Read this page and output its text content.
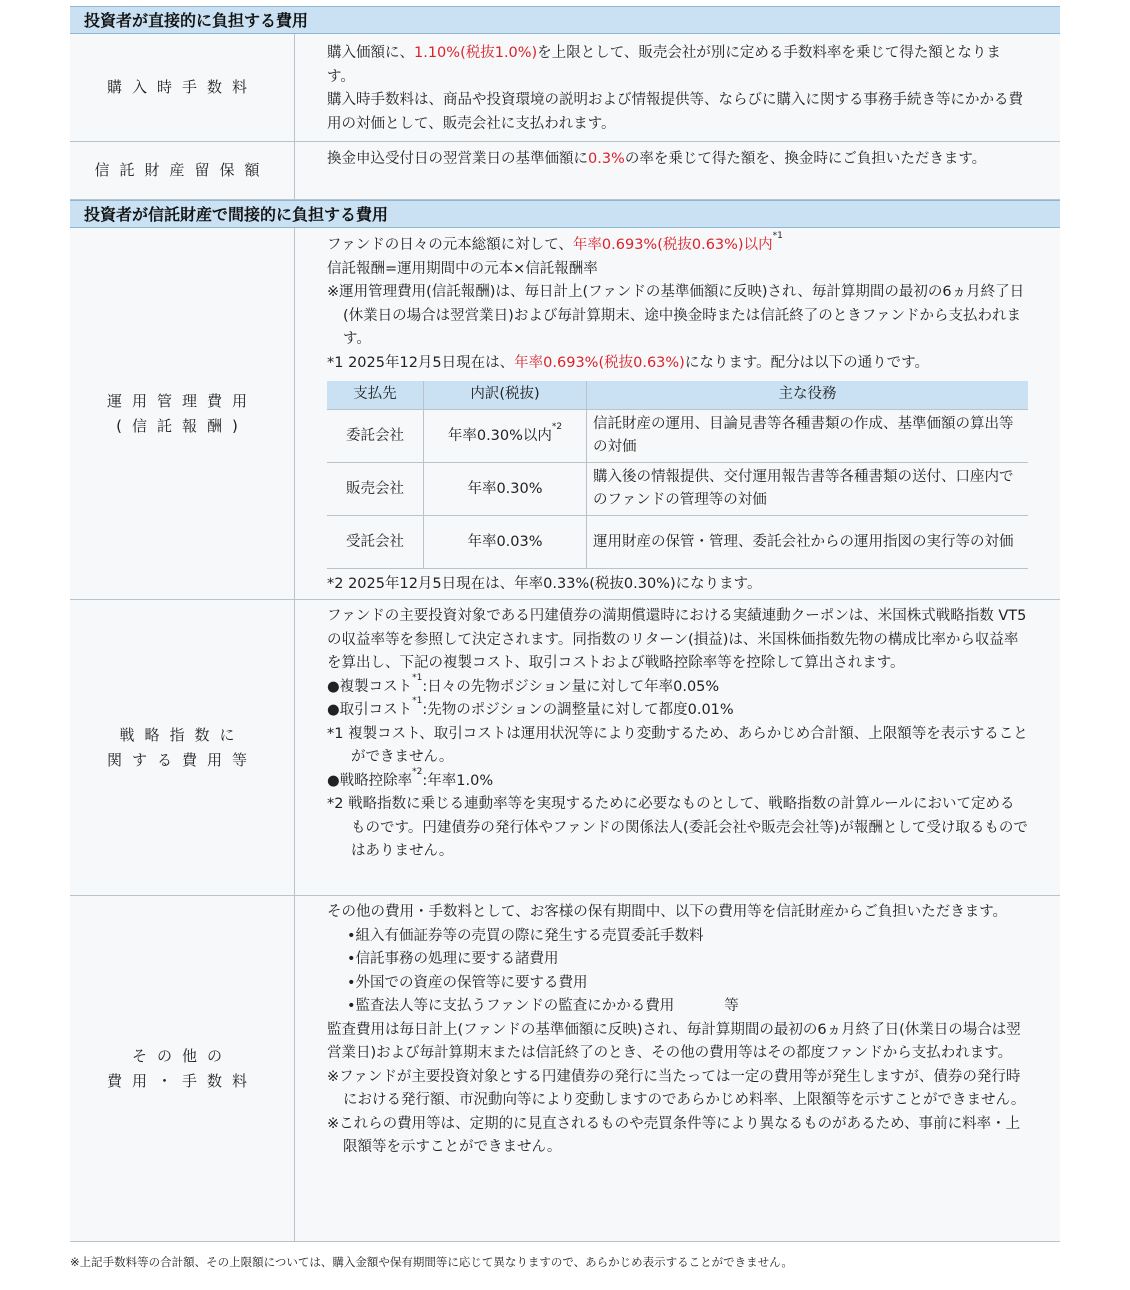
投資者が直接的に負担する費用
購入時手数料

購入価額に、1.10%(税抜1.0%)を上限として、販売会社が別に定める手数料率を乗じて得た額となります。

購入時手数料は、商品や投資環境の説明および情報提供等、ならびに購入に関する事務手続き等にかかる費用の対価として、販売会社に支払われます。

信託財産留保額

換金申込受付日の翌営業日の基準価額に0.3%の率を乗じて得た額を、換金時にご負担いただきます。

投資者が信託財産で間接的に負担する費用
運用管理費用
(信託報酬)

ファンドの日々の元本総額に対して、年率0.693%(税抜0.63%)以内$^{*1}$

信託報酬=運用期間中の元本×信託報酬率

※運用管理費用(信託報酬)は、毎日計上(ファンドの基準価額に反映)され、毎計算期間の最初の6ヵ月終了日(休業日の場合は翌営業日)および毎計算期末、途中換金時または信託終了のときファンドから支払われます。

*1 2025年12月5日現在は、年率0.693%(税抜0.63%)になります。配分は以下の通りです。

支払先	内訳(税抜)	主な役務
委託会社	年率0.30%以内$^{*2}$	信託財産の運用、目論見書等各種書類の作成、基準価額の算出等の対価
販売会社	年率0.30%	購入後の情報提供、交付運用報告書等各種書類の送付、口座内でのファンドの管理等の対価
受託会社	年率0.03%	運用財産の保管・管理、委託会社からの運用指図の実行等の対価

*2 2025年12月5日現在は、年率0.33%(税抜0.30%)になります。

戦略指数に
関する費用等

ファンドの主要投資対象である円建債券の満期償還時における実績連動クーポンは、米国株式戦略指数 VT5の収益率等を参照して決定されます。同指数のリターン(損益)は、米国株価指数先物の構成比率から収益率を算出し、下記の複製コスト、取引コストおよび戦略控除率等を控除して算出されます。

●複製コスト$^{*1}$:日々の先物ポジション量に対して年率0.05%

●取引コスト$^{*1}$:先物のポジションの調整量に対して都度0.01%

*1 複製コスト、取引コストは運用状況等により変動するため、あらかじめ合計額、上限額等を表示することができません。

●戦略控除率$^{*2}$:年率1.0%

*2 戦略指数に乗じる連動率等を実現するために必要なものとして、戦略指数の計算ルールにおいて定めるものです。円建債券の発行体やファンドの関係法人(委託会社や販売会社等)が報酬として受け取るものではありません。

その他の
費用・手数料

その他の費用・手数料として、お客様の保有期間中、以下の費用等を信託財産からご負担いただきます。

•組入有価証券等の売買の際に発生する売買委託手数料

•信託事務の処理に要する諸費用

•外国での資産の保管等に要する費用

•監査法人等に支払うファンドの監査にかかる費用	等

監査費用は毎日計上(ファンドの基準価額に反映)され、毎計算期間の最初の6ヵ月終了日(休業日の場合は翌営業日)および毎計算期末または信託終了のとき、その他の費用等はその都度ファンドから支払われます。

※ファンドが主要投資対象とする円建債券の発行に当たっては一定の費用等が発生しますが、債券の発行時における発行額、市況動向等により変動しますのであらかじめ料率、上限額等を示すことができません。

※これらの費用等は、定期的に見直されるものや売買条件等により異なるものがあるため、事前に料率・上限額等を示すことができません。

※上記手数料等の合計額、その上限額については、購入金額や保有期間等に応じて異なりますので、あらかじめ表示することができません。
